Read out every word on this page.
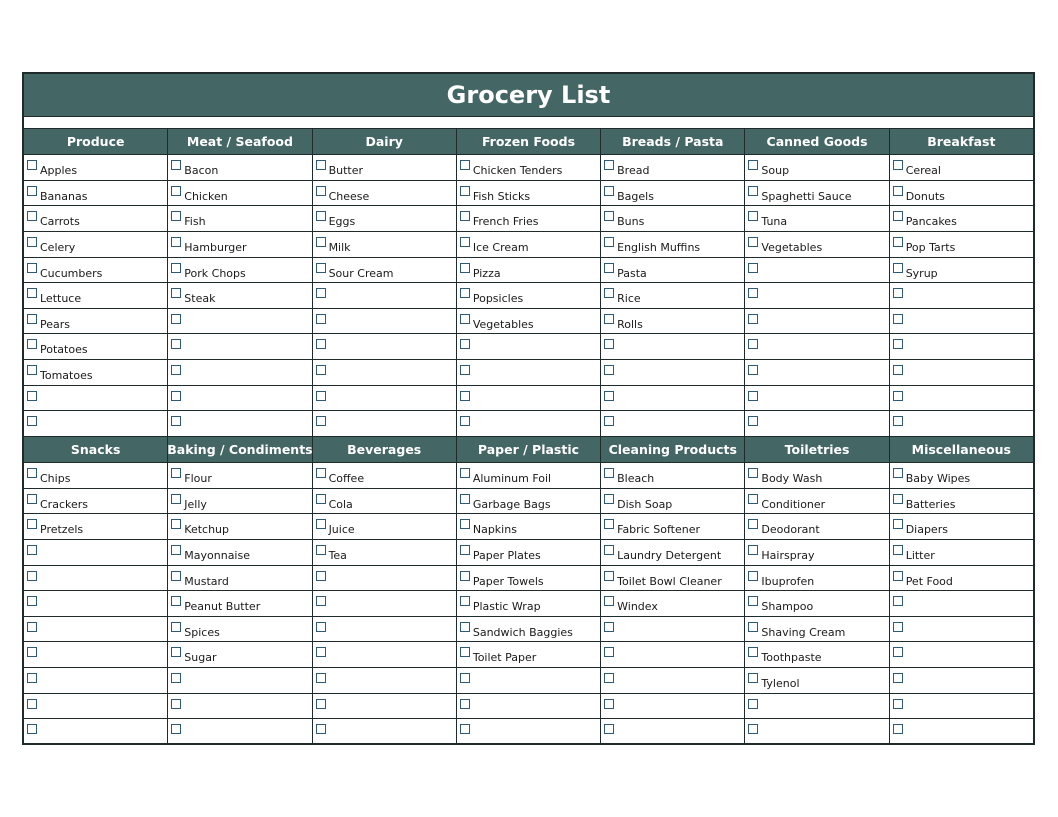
Grocery List
Produce
Apples
Bananas
Carrots
Celery
Cucumbers
Lettuce
Pears
Potatoes
Tomatoes
Meat / Seafood
Bacon
Chicken
Fish
Hamburger
Pork Chops
Steak
Dairy
Butter
Cheese
Eggs
Milk
Sour Cream
Frozen Foods
Chicken Tenders
Fish Sticks
French Fries
Ice Cream
Pizza
Popsicles
Vegetables
Breads / Pasta
Bread
Bagels
Buns
English Muffins
Pasta
Rice
Rolls
Canned Goods
Soup
Spaghetti Sauce
Tuna
Vegetables
Breakfast
Cereal
Donuts
Pancakes
Pop Tarts
Syrup
Snacks
Chips
Crackers
Pretzels
Baking / Condiments
Flour
Jelly
Ketchup
Mayonnaise
Mustard
Peanut Butter
Spices
Sugar
Beverages
Coffee
Cola
Juice
Tea
Paper / Plastic
Aluminum Foil
Garbage Bags
Napkins
Paper Plates
Paper Towels
Plastic Wrap
Sandwich Baggies
Toilet Paper
Cleaning Products
Bleach
Dish Soap
Fabric Softener
Laundry Detergent
Toilet Bowl Cleaner
Windex
Toiletries
Body Wash
Conditioner
Deodorant
Hairspray
Ibuprofen
Shampoo
Shaving Cream
Toothpaste
Tylenol
Miscellaneous
Baby Wipes
Batteries
Diapers
Litter
Pet Food
